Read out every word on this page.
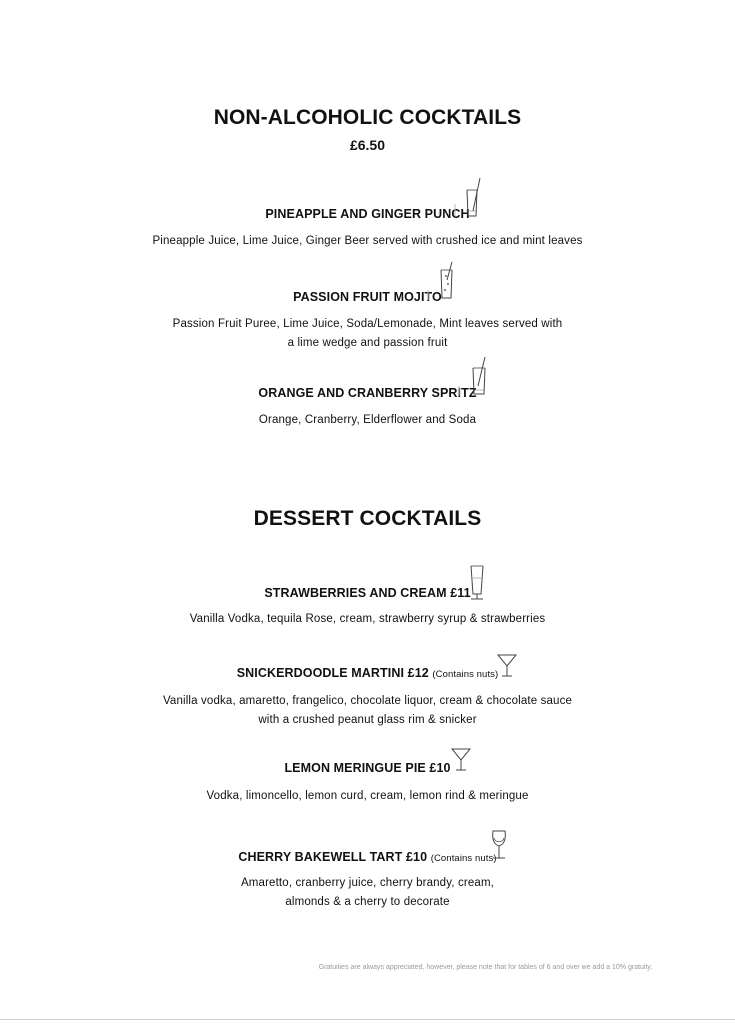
NON-ALCOHOLIC COCKTAILS
£6.50
PINEAPPLE AND GINGER PUNCH
Pineapple Juice, Lime Juice, Ginger Beer served with crushed ice and mint leaves
PASSION FRUIT MOJITO
Passion Fruit Puree, Lime Juice, Soda/Lemonade, Mint leaves served with
a lime wedge and passion fruit
ORANGE AND CRANBERRY SPRITZ
Orange, Cranberry, Elderflower and Soda
DESSERT COCKTAILS
STRAWBERRIES AND CREAM £11
Vanilla Vodka, tequila Rose, cream, strawberry syrup & strawberries
SNICKERDOODLE MARTINI £12 (Contains nuts)
Vanilla vodka, amaretto, frangelico, chocolate liquor, cream & chocolate sauce
with a crushed peanut glass rim & snicker
LEMON MERINGUE PIE £10
Vodka, limoncello, lemon curd, cream, lemon rind & meringue
CHERRY BAKEWELL TART £10 (Contains nuts)
Amaretto, cranberry juice, cherry brandy, cream,
almonds & a cherry to decorate
Gratuities are always appreciated, however, please note that for tables of 6 and over we add a 10% gratuity.
